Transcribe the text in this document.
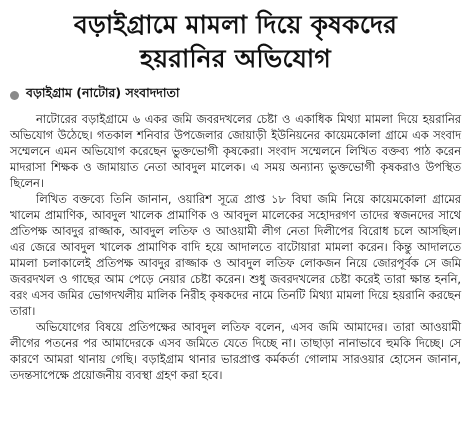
বড়াইগ্রামে মামলা দিয়ে কৃষকদের
হয়রানির অভিযোগ
বড়াইগ্রাম (নাটোর) সংবাদদাতা

নাটোরের বড়াইগ্রামে ৬ একর জমি জবরদখলের চেষ্টা ও একাধিক মিথ্যা মামলা দিয়ে হয়রানির অভিযোগ উঠেছে। গতকাল শনিবার উপজেলার জোয়াড়ী ইউনিয়নের কায়েমকোলা গ্রামে এক সংবাদ সম্মেলনে এমন অভিযোগ করেছেন ভুক্তভোগী কৃষকেরা। সংবাদ সম্মেলনে লিখিত বক্তব্য পাঠ করেন মাদরাসা শিক্ষক ও জামায়াত নেতা আবদুল মালেক। এ সময় অন্যান্য ভুক্তভোগী কৃষকরাও উপস্থিত ছিলেন।

লিখিত বক্তব্যে তিনি জানান, ওয়ারিশ সূত্রে প্রাপ্ত ১৮ বিঘা জমি নিয়ে কায়েমকোলা গ্রামের খালেম প্রামাণিক, আবদুল খালেক প্রামাণিক ও আবদুল মালেকের সহোদরগণ তাদের স্বজনদের সাথে প্রতিপক্ষ আবদুর রাজ্জাক, আবদুল লতিফ ও আওয়ামী লীগ নেতা দিলীপের বিরোধ চলে আসছিল। এর জেরে আবদুল খালেক প্রামাণিক বাদি হয়ে আদালতে বাটোয়ারা মামলা করেন। কিন্তু আদালতে মামলা চলাকালেই প্রতিপক্ষ আবদুর রাজ্জাক ও আবদুল লতিফ লোকজন নিয়ে জোরপূর্বক সে জমি জবরদখল ও গাছের আম পেড়ে নেয়ার চেষ্টা করেন। শুধু জবরদখলের চেষ্টা করেই তারা ক্ষান্ত হননি, বরং এসব জমির ভোগদখলীয় মালিক নিরীহ কৃষকদের নামে তিনটি মিথ্যা মামলা দিয়ে হয়রানি করছেন তারা।

অভিযোগের বিষয়ে প্রতিপক্ষের আবদুল লতিফ বলেন, এসব জমি আমাদের। তারা আওয়ামী লীগের পতনের পর আমাদেরকে এসব জমিতে যেতে দিচ্ছে না। তাছাড়া নানাভাবে হুমকি দিচ্ছে। সে কারণে আমরা থানায় গেছি। বড়াইগ্রাম থানার ভারপ্রাপ্ত কর্মকর্তা গোলাম সারওয়ার হোসেন জানান, তদন্তসাপেক্ষে প্রয়োজনীয় ব্যবস্থা গ্রহণ করা হবে।
